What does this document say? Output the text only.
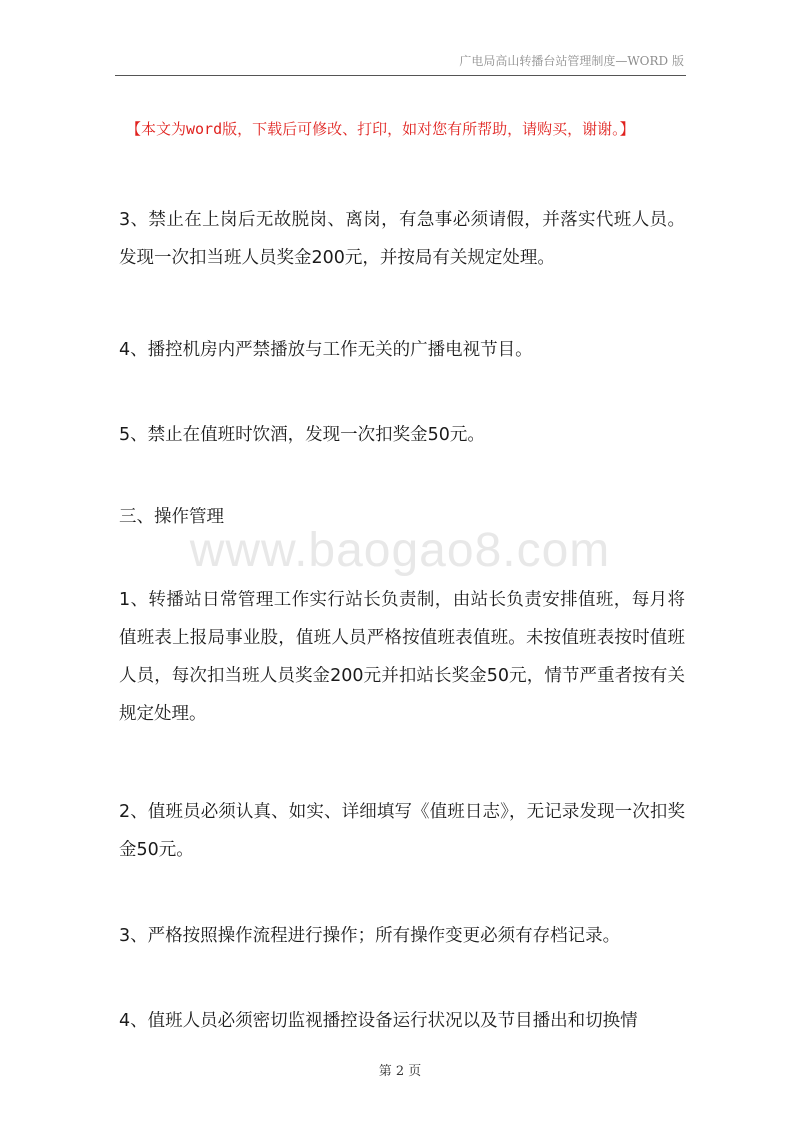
广电局高山转播台站管理制度—WORD 版
【本文为word版，下载后可修改、打印，如对您有所帮助，请购买，谢谢。】

3、禁止在上岗后无故脱岗、离岗，有急事必须请假，并落实代班人员。发现一次扣当班人员奖金200元，并按局有关规定处理。

4、播控机房内严禁播放与工作无关的广播电视节目。

5、禁止在值班时饮酒，发现一次扣奖金50元。

三、操作管理

www.baogao8.com

1、转播站日常管理工作实行站长负责制，由站长负责安排值班，每月将值班表上报局事业股，值班人员严格按值班表值班。未按值班表按时值班人员，每次扣当班人员奖金200元并扣站长奖金50元，情节严重者按有关规定处理。

2、值班员必须认真、如实、详细填写《值班日志》，无记录发现一次扣奖金50元。

3、严格按照操作流程进行操作；所有操作变更必须有存档记录。

4、值班人员必须密切监视播控设备运行状况以及节目播出和切换情

第 2 页
